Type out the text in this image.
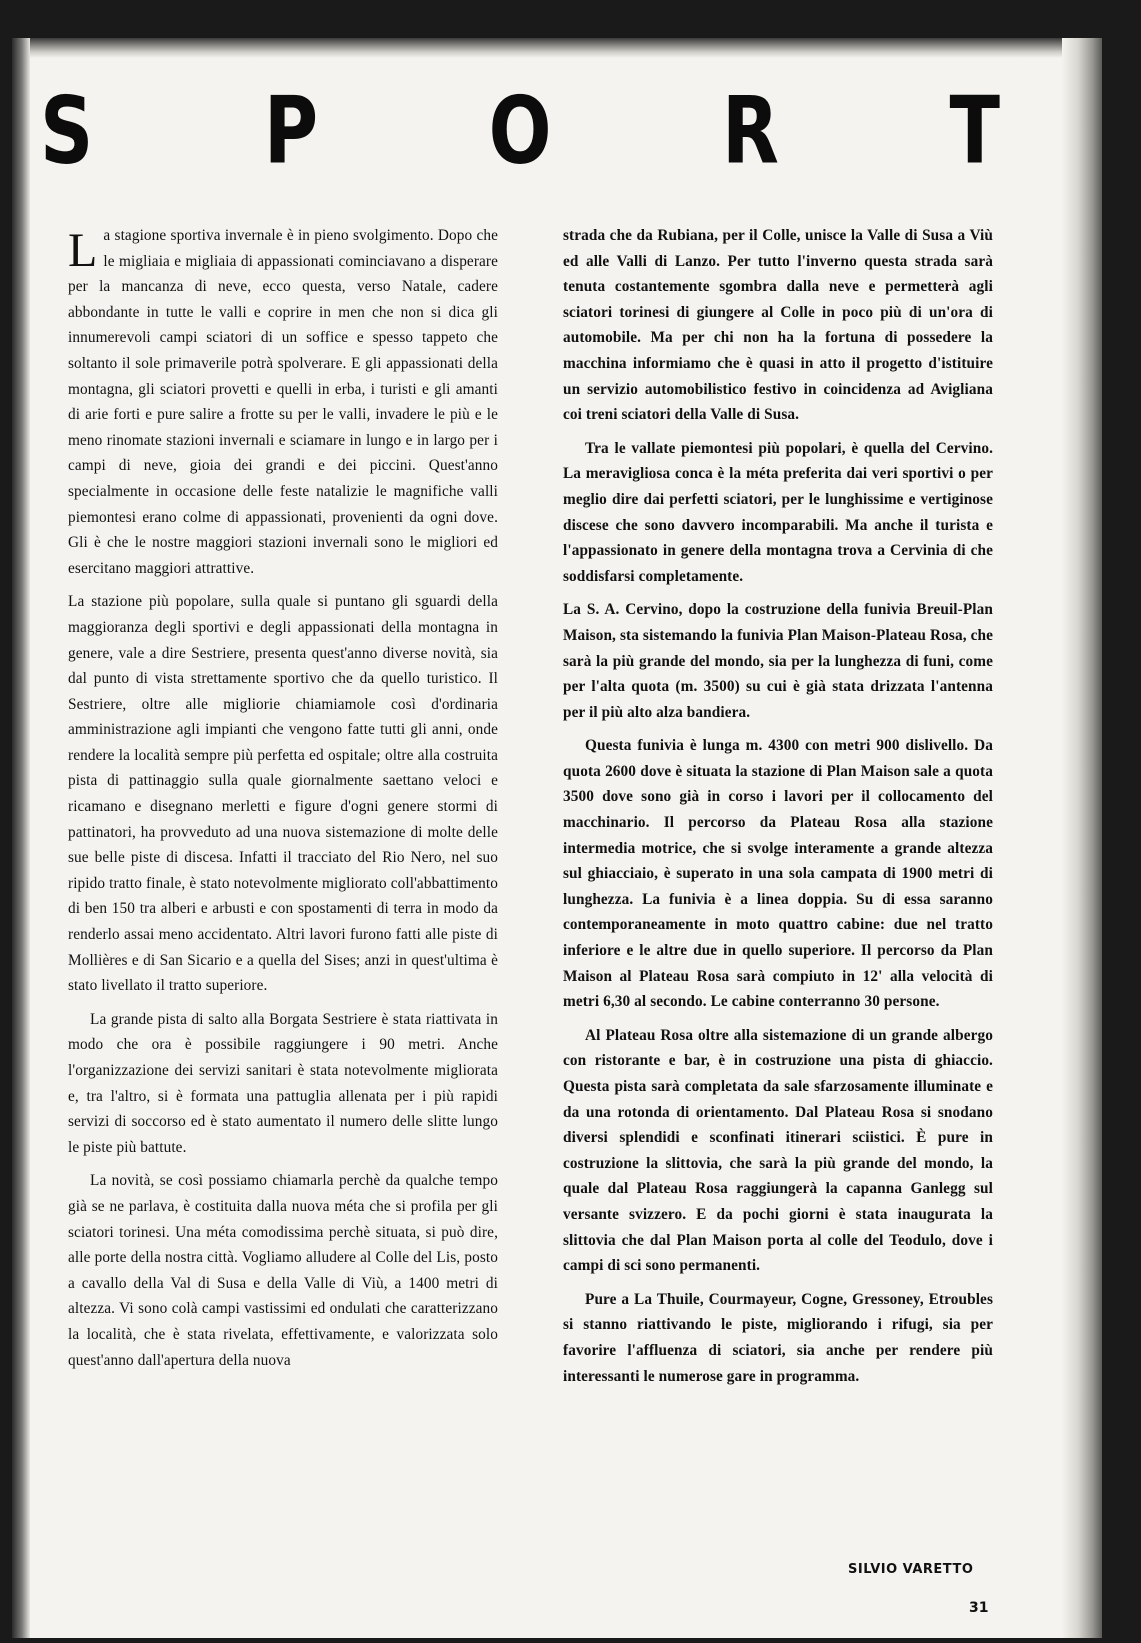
S P O R T

La stagione sportiva invernale è in pieno svolgimento. Dopo che le migliaia e migliaia di appassionati cominciavano a disperare per la mancanza di neve, ecco questa, verso Natale, cadere abbondante in tutte le valli e coprire in men che non si dica gli innumerevoli campi sciatori di un soffice e spesso tappeto che soltanto il sole primaverile potrà spolverare. E gli appassionati della montagna, gli sciatori provetti e quelli in erba, i turisti e gli amanti di arie forti e pure salire a frotte su per le valli, invadere le più e le meno rinomate stazioni invernali e sciamare in lungo e in largo per i campi di neve, gioia dei grandi e dei piccini. Quest'anno specialmente in occasione delle feste natalizie le magnifiche valli piemontesi erano colme di appassionati, provenienti da ogni dove. Gli è che le nostre maggiori stazioni invernali sono le migliori ed esercitano maggiori attrattive.

La stazione più popolare, sulla quale si puntano gli sguardi della maggioranza degli sportivi e degli appassionati della montagna in genere, vale a dire Sestriere, presenta quest'anno diverse novità, sia dal punto di vista strettamente sportivo che da quello turistico. Il Sestriere, oltre alle migliorie chiamiamole così d'ordinaria amministrazione agli impianti che vengono fatte tutti gli anni, onde rendere la località sempre più perfetta ed ospitale; oltre alla costruita pista di pattinaggio sulla quale giornalmente saettano veloci e ricamano e disegnano merletti e figure d'ogni genere stormi di pattinatori, ha provveduto ad una nuova sistemazione di molte delle sue belle piste di discesa. Infatti il tracciato del Rio Nero, nel suo ripido tratto finale, è stato notevolmente migliorato coll'abbattimento di ben 150 tra alberi e arbusti e con spostamenti di terra in modo da renderlo assai meno accidentato. Altri lavori furono fatti alle piste di Mollières e di San Sicario e a quella del Sises; anzi in quest'ultima è stato livellato il tratto superiore.

La grande pista di salto alla Borgata Sestriere è stata riattivata in modo che ora è possibile raggiungere i 90 metri. Anche l'organizzazione dei servizi sanitari è stata notevolmente migliorata e, tra l'altro, si è formata una pattuglia allenata per i più rapidi servizi di soccorso ed è stato aumentato il numero delle slitte lungo le piste più battute.

La novità, se così possiamo chiamarla perchè da qualche tempo già se ne parlava, è costituita dalla nuova méta che si profila per gli sciatori torinesi. Una méta comodissima perchè situata, si può dire, alle porte della nostra città. Vogliamo alludere al Colle del Lis, posto a cavallo della Val di Susa e della Valle di Viù, a 1400 metri di altezza. Vi sono colà campi vastissimi ed ondulati che caratterizzano la località, che è stata rivelata, effettivamente, e valorizzata solo quest'anno dall'apertura della nuova

strada che da Rubiana, per il Colle, unisce la Valle di Susa a Viù ed alle Valli di Lanzo. Per tutto l'inverno questa strada sarà tenuta costantemente sgombra dalla neve e permetterà agli sciatori torinesi di giungere al Colle in poco più di un'ora di automobile. Ma per chi non ha la fortuna di possedere la macchina informiamo che è quasi in atto il progetto d'istituire un servizio automobilistico festivo in coincidenza ad Avigliana coi treni sciatori della Valle di Susa.

Tra le vallate piemontesi più popolari, è quella del Cervino. La meravigliosa conca è la méta preferita dai veri sportivi o per meglio dire dai perfetti sciatori, per le lunghissime e vertiginose discese che sono davvero incomparabili. Ma anche il turista e l'appassionato in genere della montagna trova a Cervinia di che soddisfarsi completamente.

La S. A. Cervino, dopo la costruzione della funivia Breuil-Plan Maison, sta sistemando la funivia Plan Maison-Plateau Rosa, che sarà la più grande del mondo, sia per la lunghezza di funi, come per l'alta quota (m. 3500) su cui è già stata drizzata l'antenna per il più alto alza bandiera.

Questa funivia è lunga m. 4300 con metri 900 dislivello. Da quota 2600 dove è situata la stazione di Plan Maison sale a quota 3500 dove sono già in corso i lavori per il collocamento del macchinario. Il percorso da Plateau Rosa alla stazione intermedia motrice, che si svolge interamente a grande altezza sul ghiacciaio, è superato in una sola campata di 1900 metri di lunghezza. La funivia è a linea doppia. Su di essa saranno contemporaneamente in moto quattro cabine: due nel tratto inferiore e le altre due in quello superiore. Il percorso da Plan Maison al Plateau Rosa sarà compiuto in 12' alla velocità di metri 6,30 al secondo. Le cabine conterranno 30 persone.

Al Plateau Rosa oltre alla sistemazione di un grande albergo con ristorante e bar, è in costruzione una pista di ghiaccio. Questa pista sarà completata da sale sfarzosamente illuminate e da una rotonda di orientamento. Dal Plateau Rosa si snodano diversi splendidi e sconfinati itinerari sciistici. È pure in costruzione la slittovia, che sarà la più grande del mondo, la quale dal Plateau Rosa raggiungerà la capanna Ganlegg sul versante svizzero. E da pochi giorni è stata inaugurata la slittovia che dal Plan Maison porta al colle del Teodulo, dove i campi di sci sono permanenti.

Pure a La Thuile, Courmayeur, Cogne, Gressoney, Etroubles si stanno riattivando le piste, migliorando i rifugi, sia per favorire l'affluenza di sciatori, sia anche per rendere più interessanti le numerose gare in programma.

SILVIO VARETTO
31
